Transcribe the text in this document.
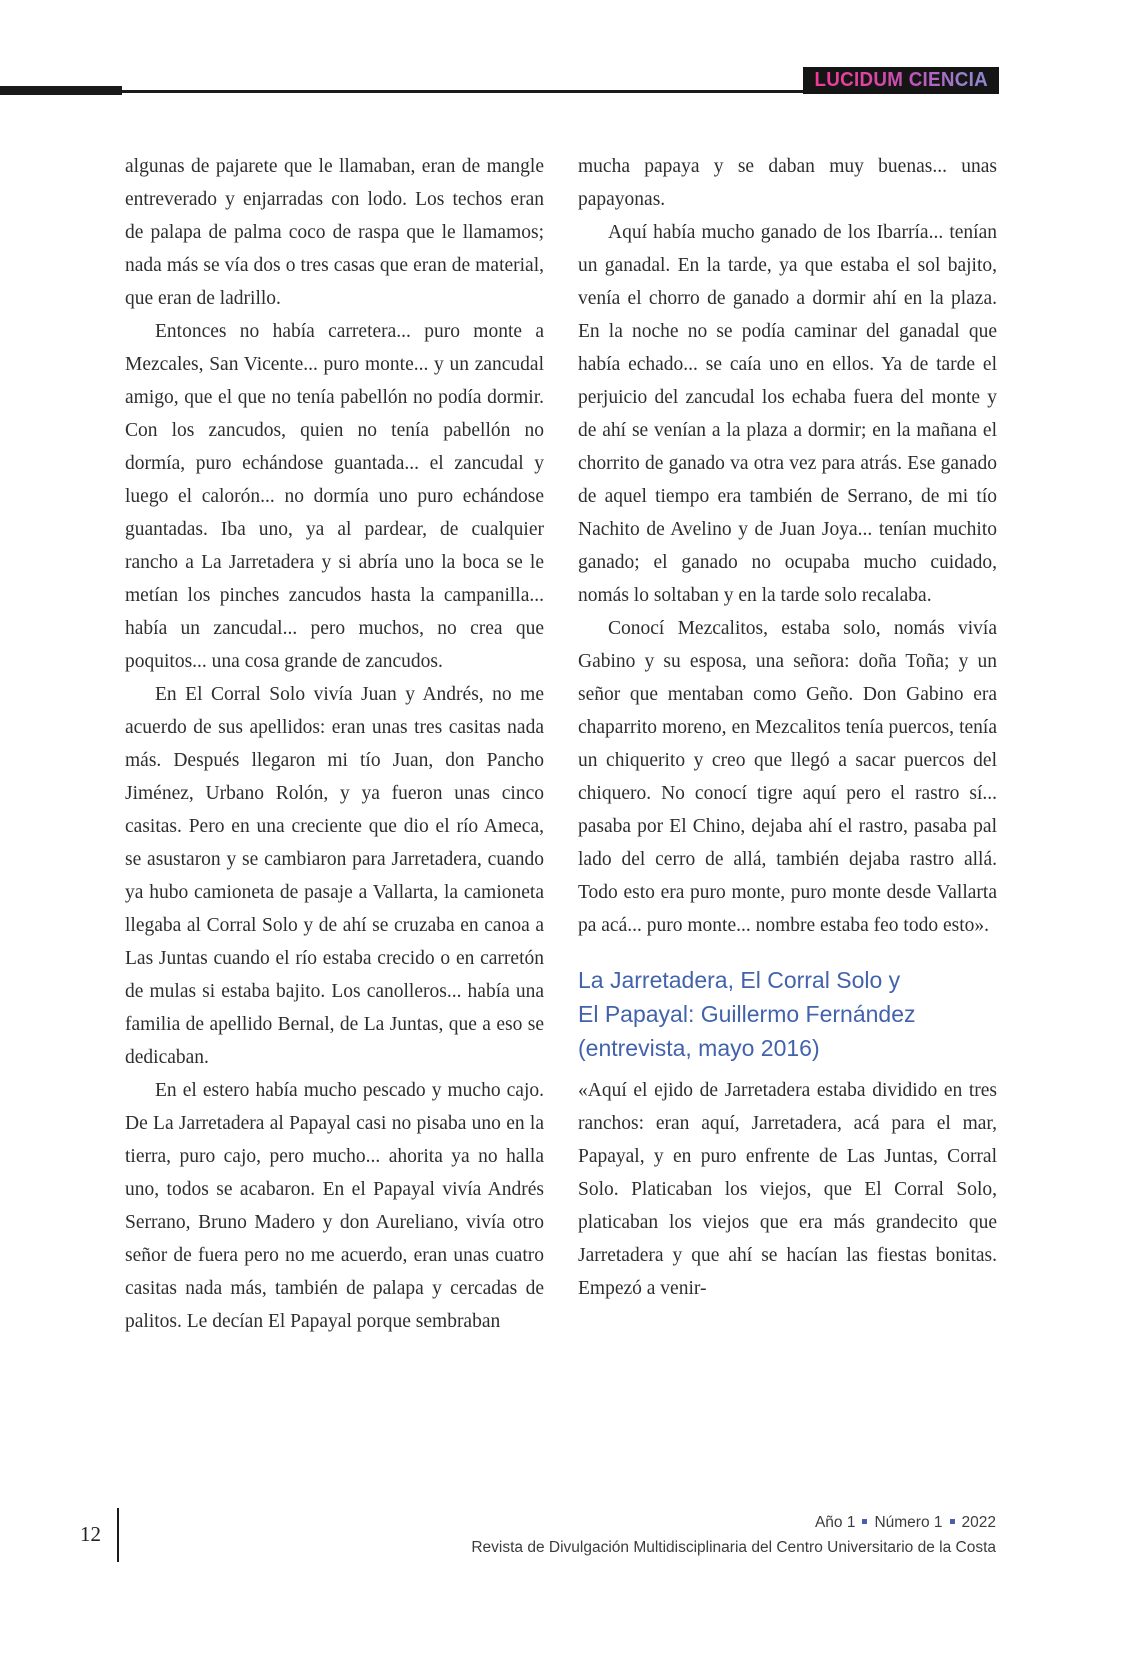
LUCIDUM CIENCIA

algunas de pajarete que le llamaban, eran de mangle entreverado y enjarradas con lodo. Los techos eran de palapa de palma coco de raspa que le llamamos; nada más se vía dos o tres casas que eran de material, que eran de ladrillo.

Entonces no había carretera... puro monte a Mezcales, San Vicente... puro monte... y un zancudal amigo, que el que no tenía pabellón no podía dormir. Con los zancudos, quien no tenía pabellón no dormía, puro echándose guantada... el zancudal y luego el calorón... no dormía uno puro echándose guantadas. Iba uno, ya al pardear, de cualquier rancho a La Jarretadera y si abría uno la boca se le metían los pinches zancudos hasta la campanilla... había un zancudal... pero muchos, no crea que poquitos... una cosa grande de zancudos.

En El Corral Solo vivía Juan y Andrés, no me acuerdo de sus apellidos: eran unas tres casitas nada más. Después llegaron mi tío Juan, don Pancho Jiménez, Urbano Rolón, y ya fueron unas cinco casitas. Pero en una creciente que dio el río Ameca, se asustaron y se cambiaron para Jarretadera, cuando ya hubo camioneta de pasaje a Vallarta, la camioneta llegaba al Corral Solo y de ahí se cruzaba en canoa a Las Juntas cuando el río estaba crecido o en carretón de mulas si estaba bajito. Los canolleros... había una familia de apellido Bernal, de La Juntas, que a eso se dedicaban.

En el estero había mucho pescado y mucho cajo. De La Jarretadera al Papayal casi no pisaba uno en la tierra, puro cajo, pero mucho... ahorita ya no halla uno, todos se acabaron. En el Papayal vivía Andrés Serrano, Bruno Madero y don Aureliano, vivía otro señor de fuera pero no me acuerdo, eran unas cuatro casitas nada más, también de palapa y cercadas de palitos. Le decían El Papayal porque sembraban

mucha papaya y se daban muy buenas... unas papayonas.

Aquí había mucho ganado de los Ibarría... tenían un ganadal. En la tarde, ya que estaba el sol bajito, venía el chorro de ganado a dormir ahí en la plaza. En la noche no se podía caminar del ganadal que había echado... se caía uno en ellos. Ya de tarde el perjuicio del zancudal los echaba fuera del monte y de ahí se venían a la plaza a dormir; en la mañana el chorrito de ganado va otra vez para atrás. Ese ganado de aquel tiempo era también de Serrano, de mi tío Nachito de Avelino y de Juan Joya... tenían muchito ganado; el ganado no ocupaba mucho cuidado, nomás lo soltaban y en la tarde solo recalaba.

Conocí Mezcalitos, estaba solo, nomás vivía Gabino y su esposa, una señora: doña Toña; y un señor que mentaban como Geño. Don Gabino era chaparrito moreno, en Mezcalitos tenía puercos, tenía un chiquerito y creo que llegó a sacar puercos del chiquero. No conocí tigre aquí pero el rastro sí... pasaba por El Chino, dejaba ahí el rastro, pasaba pal lado del cerro de allá, también dejaba rastro allá. Todo esto era puro monte, puro monte desde Vallarta pa acá... puro monte... nombre estaba feo todo esto».

La Jarretadera, El Corral Solo y
El Papayal: Guillermo Fernández
(entrevista, mayo 2016)

«Aquí el ejido de Jarretadera estaba dividido en tres ranchos: eran aquí, Jarretadera, acá para el mar, Papayal, y en puro enfrente de Las Juntas, Corral Solo. Platicaban los viejos, que El Corral Solo, platicaban los viejos que era más grandecito que Jarretadera y que ahí se hacían las fiestas bonitas. Empezó a venir-

12	Año 1 Número 1 2022
Revista de Divulgación Multidisciplinaria del Centro Universitario de la Costa
